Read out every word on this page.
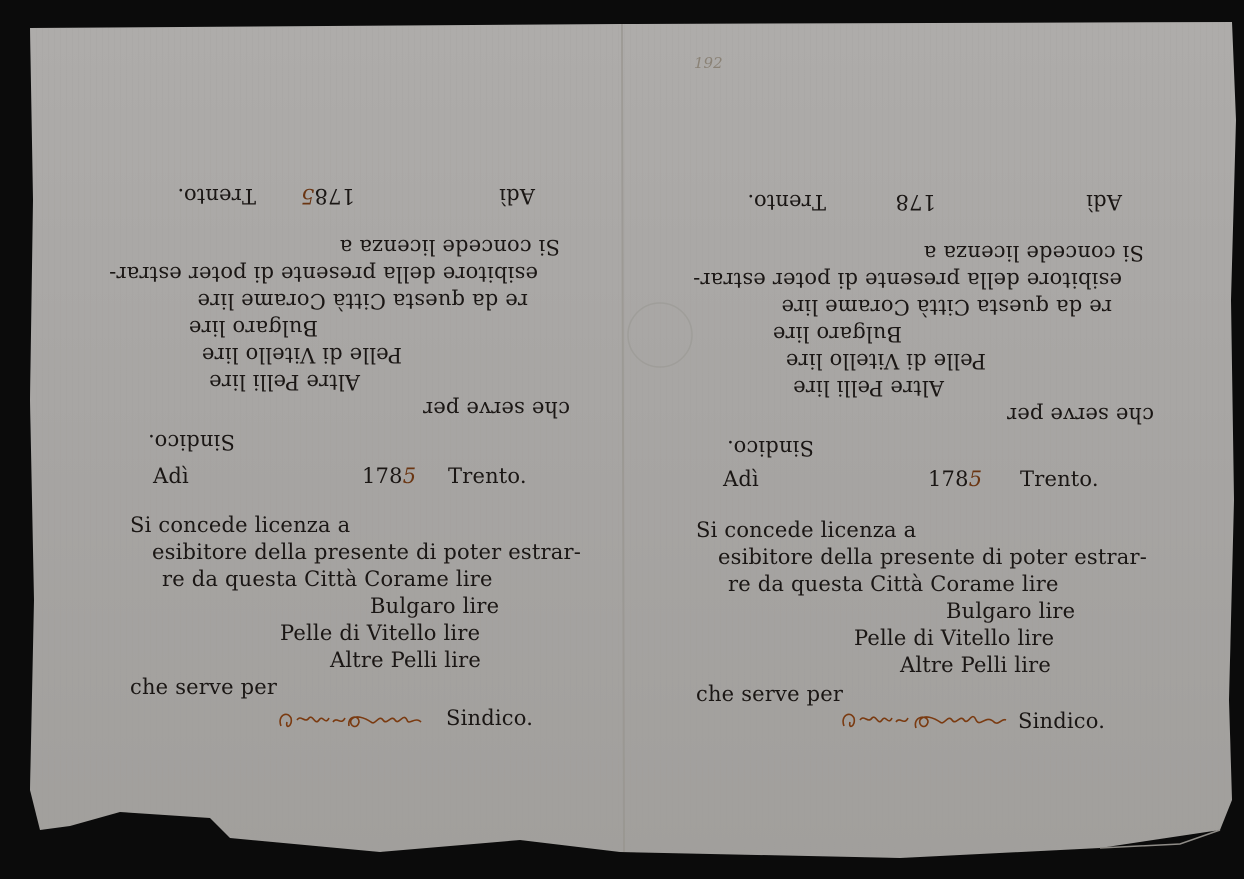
192
Adì
1785
Trento.
Si concede licenza a
esibitore della presente di poter estrar-
re da questa Città Corame lire
Bulgaro lire
Pelle di Vitello lire
Altre Pelli lire
che serve per
Sindico.
Adì
178
Trento.
Si concede licenza a
esibitore della presente di poter estrar-
re da questa Città Corame lire
Bulgaro lire
Pelle di Vitello lire
Altre Pelli lire
che serve per
Sindico.
Adì	1785 Trento.
Si concede licenza a
esibitore della presente di poter estrar-
re da questa Città Corame lire
Bulgaro lire
Pelle di Vitello lire
Altre Pelli lire
che serve per
Sindico.
Adì	1785 Trento.
Si concede licenza a
esibitore della presente di poter estrar-
re da questa Città Corame lire
Bulgaro lire
Pelle di Vitello lire
Altre Pelli lire
che serve per
Sindico.
